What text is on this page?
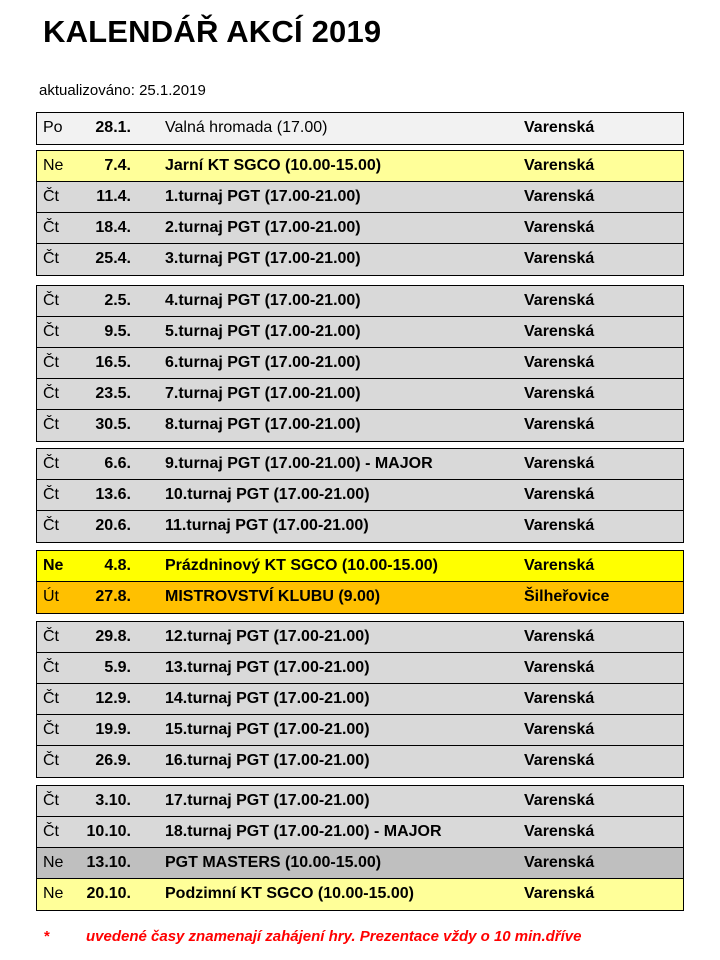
KALENDÁŘ AKCÍ 2019
aktualizováno: 25.1.2019
Po 28.1. Valná hromada (17.00)	Varenská
Ne	7.4. Jarní KT SGCO (10.00-15.00)	Varenská
Čt 11.4. 1.turnaj PGT (17.00-21.00)	Varenská
Čt 18.4. 2.turnaj PGT (17.00-21.00)	Varenská
Čt 25.4. 3.turnaj PGT (17.00-21.00)	Varenská
Čt	2.5. 4.turnaj PGT (17.00-21.00)	Varenská
Čt	9.5. 5.turnaj PGT (17.00-21.00)	Varenská
Čt 16.5. 6.turnaj PGT (17.00-21.00)	Varenská
Čt 23.5. 7.turnaj PGT (17.00-21.00)	Varenská
Čt 30.5. 8.turnaj PGT (17.00-21.00)	Varenská
Čt	6.6. 9.turnaj PGT (17.00-21.00) - MAJOR	Varenská
Čt 13.6. 10.turnaj PGT (17.00-21.00)	Varenská
Čt 20.6. 11.turnaj PGT (17.00-21.00)	Varenská
Ne	4.8. Prázdninový KT SGCO (10.00-15.00)	Varenská
Út 27.8. MISTROVSTVÍ KLUBU (9.00)	Šilheřovice
Čt 29.8. 12.turnaj PGT (17.00-21.00)	Varenská
Čt	5.9. 13.turnaj PGT (17.00-21.00)	Varenská
Čt 12.9. 14.turnaj PGT (17.00-21.00)	Varenská
Čt 19.9. 15.turnaj PGT (17.00-21.00)	Varenská
Čt 26.9. 16.turnaj PGT (17.00-21.00)	Varenská
Čt 3.10. 17.turnaj PGT (17.00-21.00)	Varenská
Čt 10.10. 18.turnaj PGT (17.00-21.00) - MAJOR	Varenská
Ne 13.10. PGT MASTERS (10.00-15.00)	Varenská
Ne 20.10. Podzimní KT SGCO (10.00-15.00)	Varenská
* uvedené časy znamenají zahájení hry. Prezentace vždy o 10 min.dříve
